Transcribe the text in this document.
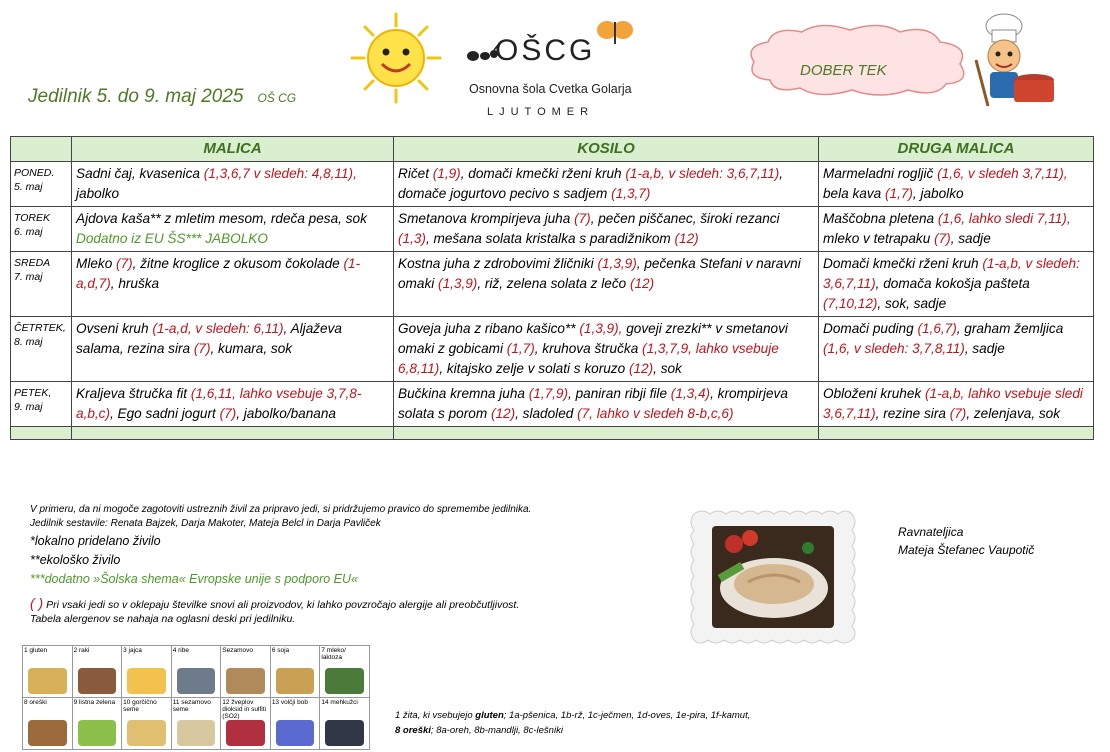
Jedilnik 5. do 9. maj 2025 OŠ CG
OŠCG
Osnovna šola Cvetka Golarja
LJUTOMER
DOBER TEK
	MALICA	KOSILO	DRUGA MALICA

PONED.
5. maj	Sadni čaj, kvasenica (1,3,6,7 v sledeh: 4,8,11), jabolko	Ričet (1,9), domači kmečki rženi kruh (1-a,b, v sledeh: 3,6,7,11), domače jogurtovo pecivo s sadjem (1,3,7)	Marmeladni rogljič (1,6, v sledeh 3,7,11), bela kava (1,7), jabolko

TOREK
6. maj	Ajdova kaša** z mletim mesom, rdeča pesa, sok Dodatno iz EU ŠS*** JABOLKO	Smetanova krompirjeva juha (7), pečen piščanec, široki rezanci (1,3), mešana solata kristalka s paradižnikom (12)	Maščobna pletena (1,6, lahko sledi 7,11), mleko v tetrapaku (7), sadje

SREDA
7. maj	Mleko (7), žitne kroglice z okusom čokolade (1-a,d,7), hruška	Kostna juha z zdrobovimi žličniki (1,3,9), pečenka Stefani v naravni omaki (1,3,9), riž, zelena solata z lečo (12)	Domači kmečki rženi kruh (1-a,b, v sledeh: 3,6,7,11), domača kokošja pašteta (7,10,12), sok, sadje

ČETRTEK,
8. maj	Ovseni kruh (1-a,d, v sledeh: 6,11), Aljaževa salama, rezina sira (7), kumara, sok	Goveja juha z ribano kašico** (1,3,9), goveji zrezki** v smetanovi omaki z gobicami (1,7), kruhova štručka (1,3,7,9, lahko vsebuje 6,8,11), kitajsko zelje v solati s koruzo (12), sok	Domači puding (1,6,7), graham žemljica (1,6, v sledeh: 3,7,8,11), sadje

PETEK,
9. maj	Kraljeva štručka fit (1,6,11, lahko vsebuje 3,7,8-a,b,c), Ego sadni jogurt (7), jabolko/banana	Bučkina kremna juha (1,7,9), paniran ribji file (1,3,4), krompirjeva solata s porom (12), sladoled (7, lahko v sledeh 8-b,c,6)	Obloženi kruhek (1-a,b, lahko vsebuje sledi 3,6,7,11), rezine sira (7), zelenjava, sok

V primeru, da ni mogoče zagotoviti ustreznih živil za pripravo jedi, si pridržujemo pravico do spremembe jedilnika.
Jedilnik sestavile: Renata Bajzek, Darja Makoter, Mateja Belcl in Darja Pavliček
*lokalno pridelano živilo
**ekološko živilo
***dodatno »Šolska shema« Evropske unije s podporo EU«
( ) Pri vsaki jedi so v oklepaju številke snovi ali proizvodov, ki lahko povzročajo alergije ali preobčutljivost.
Tabela alergenov se nahaja na oglasni deski pri jedilniku.
1 gluten	2 raki	3 jajca	4 ribe	Sezamovo	6 soja	7 mleko/ laktoza

8 oreški	9 listna zelena	10 gorčično seme	11 sezamovo seme	12 žveplov dioksid in sulfiti (SO2)	13 volčji bob	14 mehkužci
Ravnateljica
Mateja Štefanec Vaupotič
1 žita, ki vsebujejo gluten; 1a-pšenica, 1b-rž, 1c-ječmen, 1d-oves, 1e-pira, 1f-kamut,
8 oreški; 8a-oreh, 8b-mandlji, 8c-lešniki
